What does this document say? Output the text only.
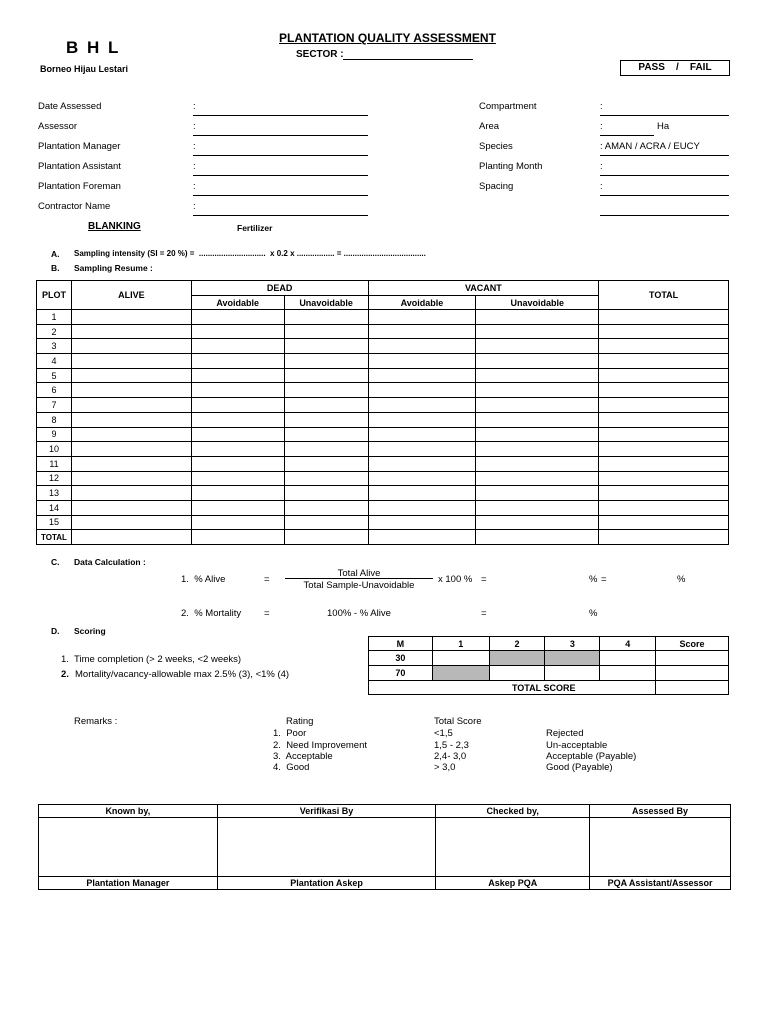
B H L
Borneo Hijau Lestari
PLANTATION QUALITY ASSESSMENT
SECTOR :
PASS    /    FAIL
Date Assessed	:
Assessor	:
Plantation Manager	:
Plantation Assistant	:
Plantation Foreman	:
Contractor Name	:
Compartment	:
Area	:	Ha
Species	: AMAN / ACRA / EUCY
Planting Month	:
Spacing	:
BLANKING	Fertilizer
A. Sampling intensity (SI = 20 %) =  ..............................  x 0.2 x ................. = .....................................
B. Sampling Resume :
PLOT	ALIVE	DEAD		VACANT		TOTAL
		Avoidable	Unavoidable	Avoidable	Unavoidable	
1						
2						
3						
4						
5						
6						
7						
8						
9						
10						
11						
12						
13						
14						
15						
TOTAL						
C. Data Calculation :
1.  % Alive	=
Total Alive
Total Sample-Unavoidable
x 100 % =	% =	%
2.  % Mortality =	100% - % Alive	=	%
D. Scoring
1.  Time completion (> 2 weeks, <2 weeks)
2. Mortality/vacancy-allowable max 2.5% (3), <1% (4)
M	1	2	3	4	Score
30					
70					
	TOTAL SCORE				
Remarks :	Rating	Total Score
1.  Poor	<1,5	Rejected
2.  Need Improvement	1,5 - 2,3	Un-acceptable
3.  Acceptable	2,4- 3,0	Acceptable (Payable)
4.  Good	> 3,0	Good (Payable)
Known by,	Verifikasi By	Checked by,	Assessed By

Plantation Manager	Plantation Askep	Askep PQA	PQA Assistant/Assessor
